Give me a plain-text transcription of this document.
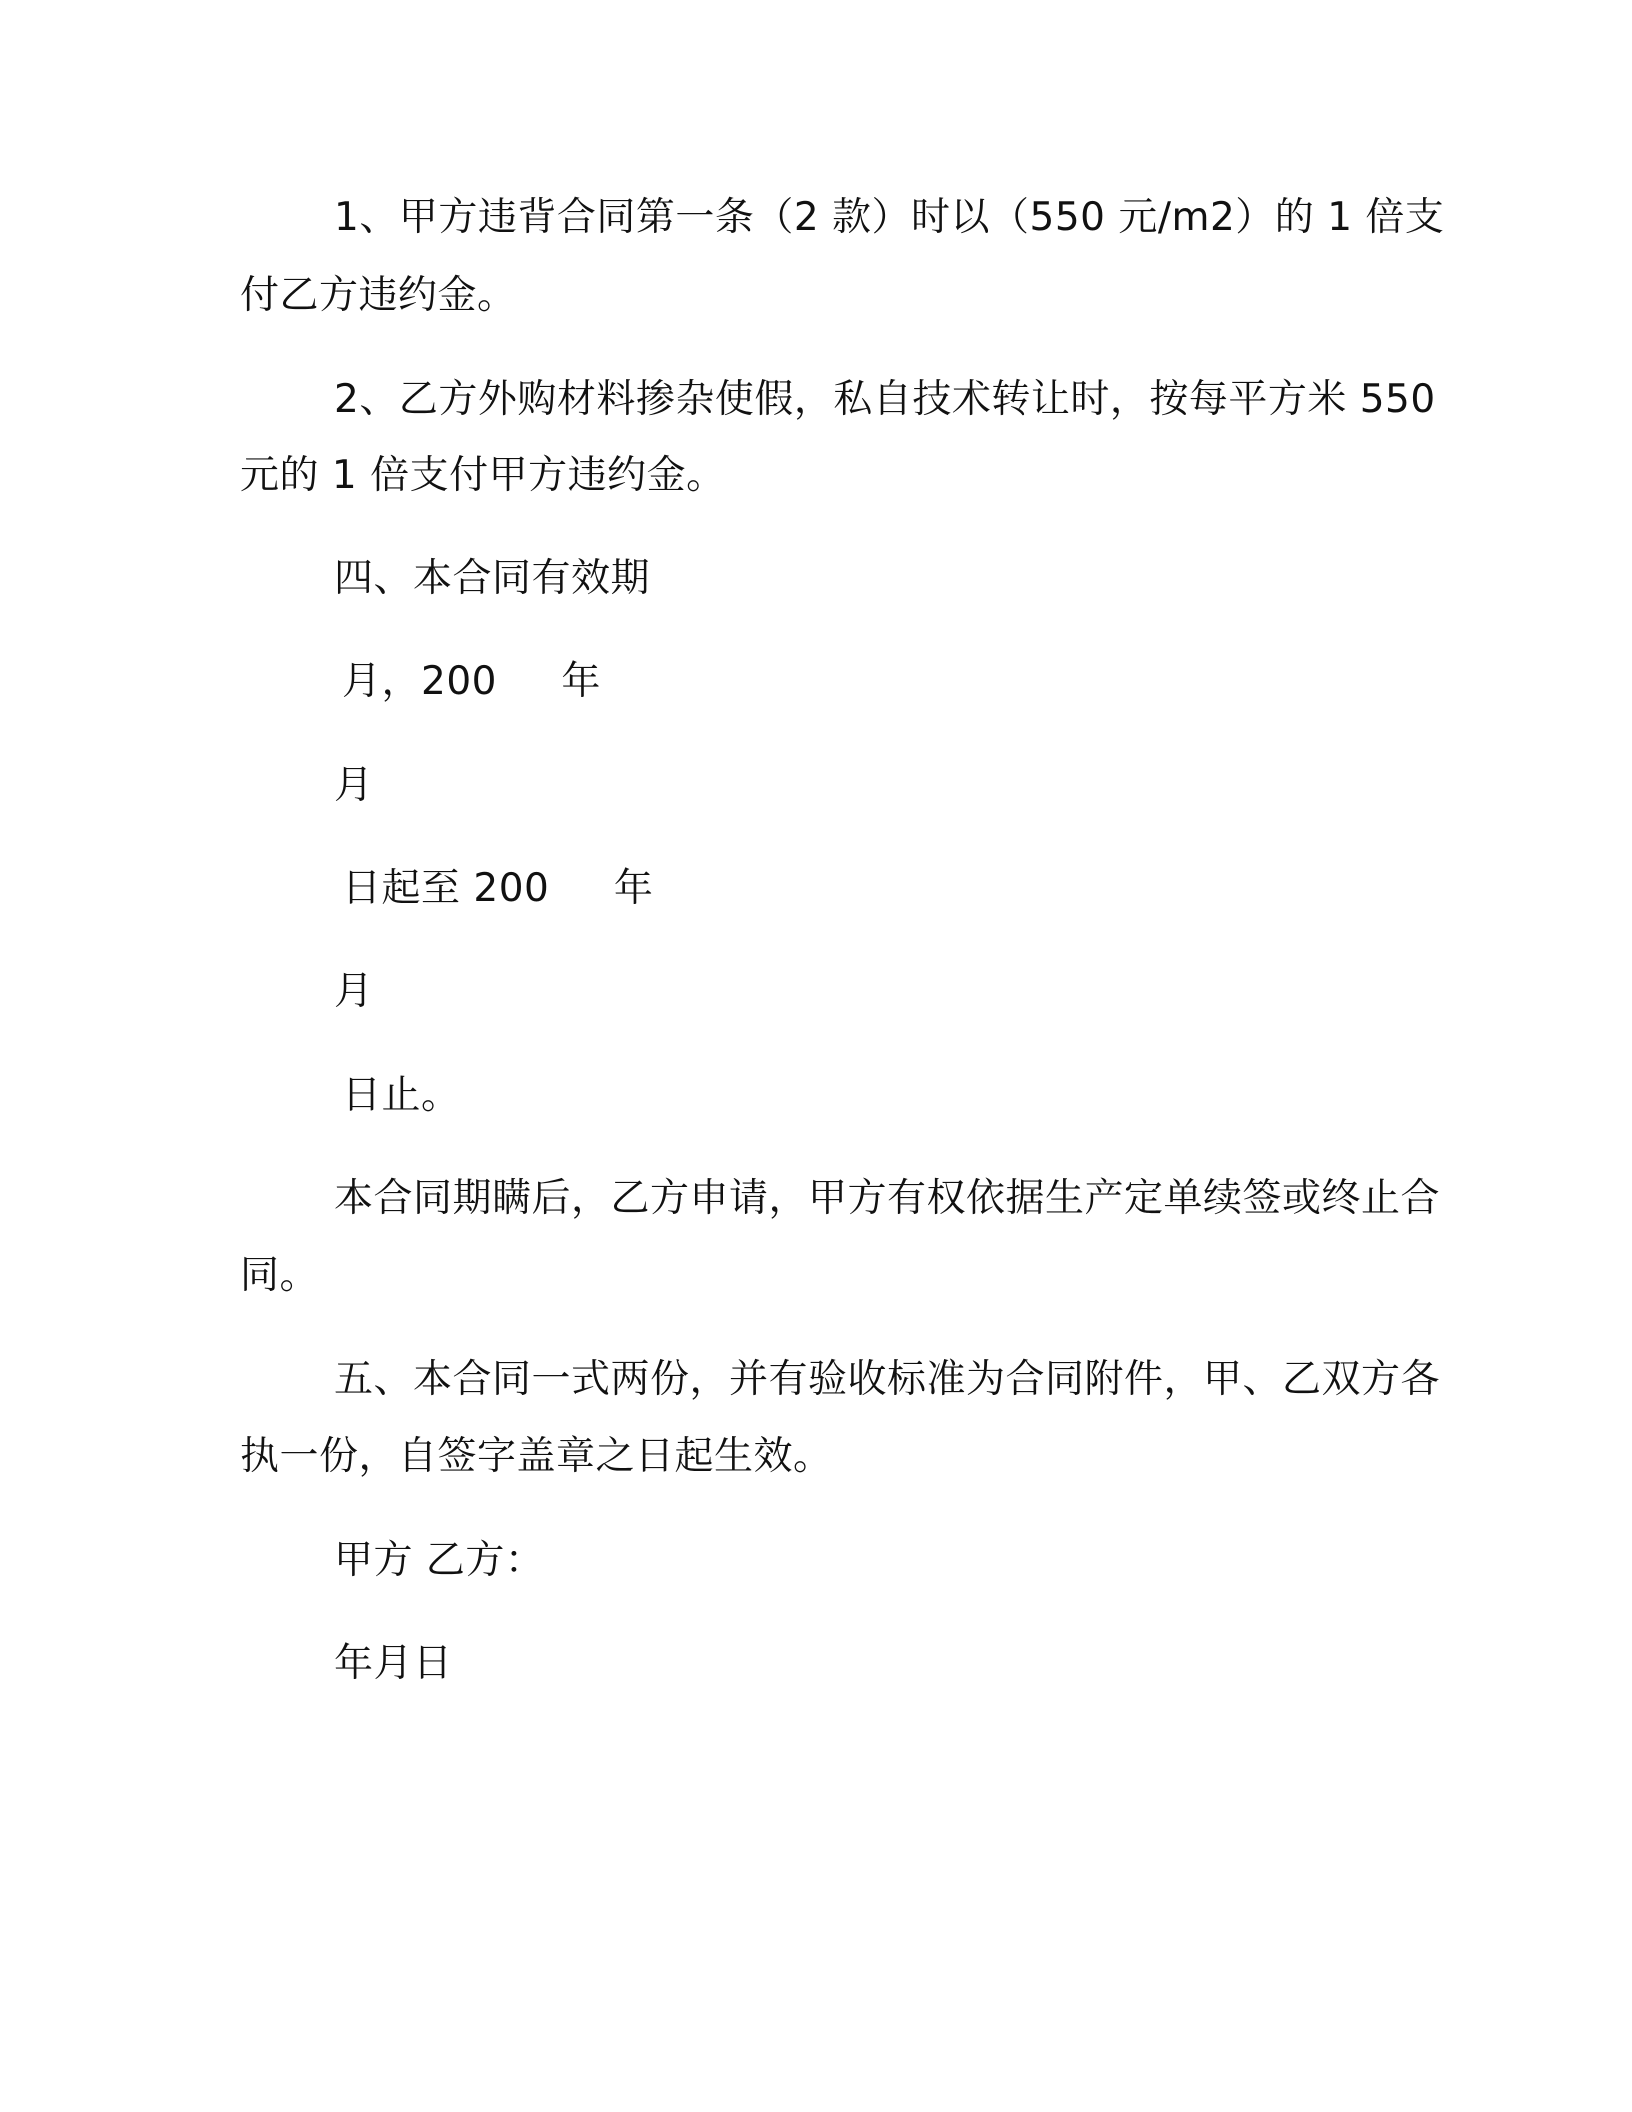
1、甲方违背合同第一条（2 款）时以（550 元/m2）的 1 倍支
付乙方违约金。
2、乙方外购材料掺杂使假，私自技术转让时，按每平方米 550
元的 1 倍支付甲方违约金。
四、本合同有效期
月，200     年
月
日起至 200     年
月
日止。
本合同期瞒后，乙方申请，甲方有权依据生产定单续签或终止合
同。
五、本合同一式两份，并有验收标准为合同附件，甲、乙双方各
执一份，自签字盖章之日起生效。
甲方 乙方：
年月日
